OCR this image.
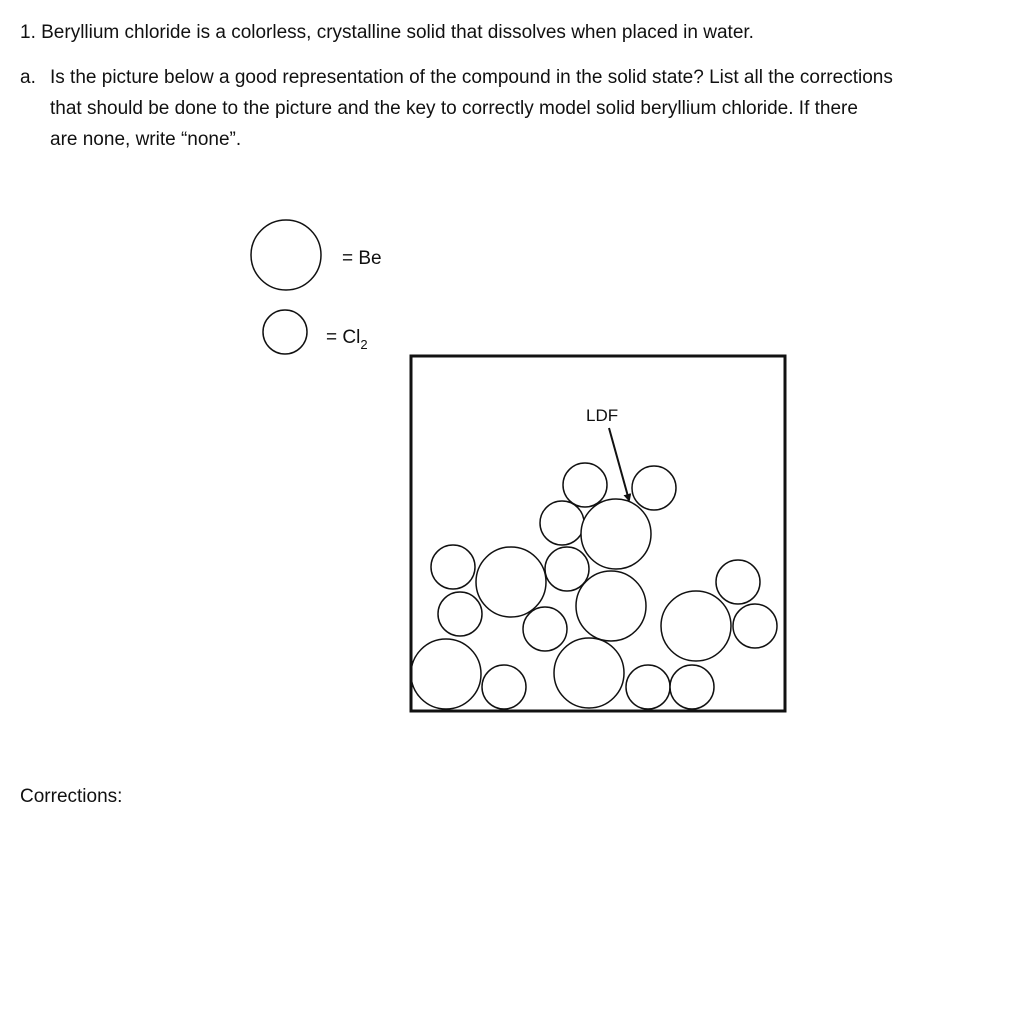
1. Beryllium chloride is a colorless, crystalline solid that dissolves when placed in water.
a. Is the picture below a good representation of the compound in the solid state? List all the corrections
that should be done to the picture and the key to correctly model solid beryllium chloride. If there
are none, write “none”.
= Be
= $Cl_2$
LDF
Corrections:
